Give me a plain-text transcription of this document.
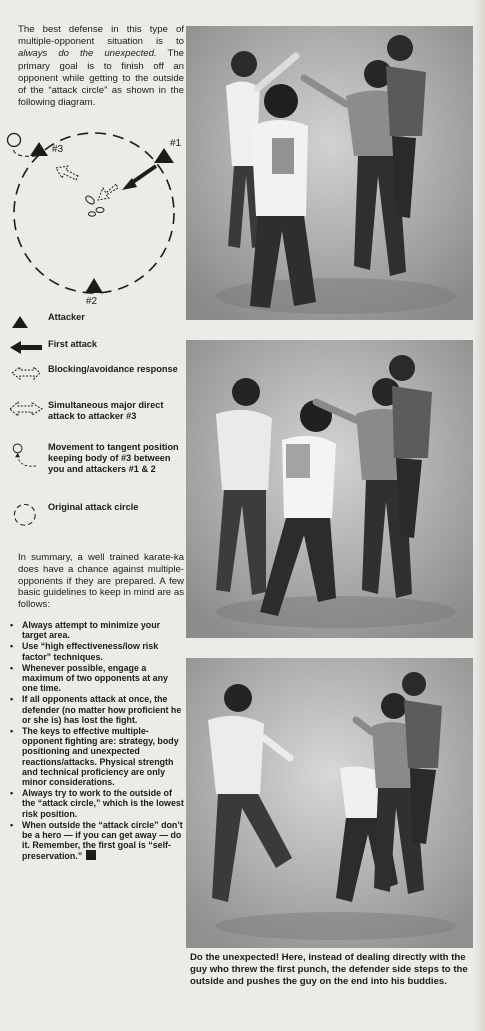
The best defense in this type of multiple-opponent situation is to always do the unexpected. The primary goal is to finish off an opponent while getting to the outside of the “attack circle” as shown in the following diagram.

#3
#1
#2
Attacker
First attack
Blocking/avoidance response
Simultaneous major direct attack to attacker #3
Movement to tangent position keeping body of #3 between you and attackers #1 & 2
Original attack circle

In summary, a well trained karate-ka does have a chance against multiple-opponents if they are prepared. A few basic guidelines to keep in mind are as follows:

• Always attempt to minimize your target area.
• Use “high effectiveness/low risk factor” techniques.
• Whenever possible, engage a maximum of two opponents at any one time.
• If all opponents attack at once, the defender (no matter how proficient he or she is) has lost the fight.
• The keys to effective multiple-opponent fighting are: strategy, body positioning and unexpected reactions/attacks. Physical strength and technical proficiency are only minor considerations.
• Always try to work to the outside of the “attack circle,” which is the lowest risk position.
• When outside the “attack circle” don’t be a hero — if you can get away — do it. Remember, the first goal is “self-preservation.”

Do the unexpected! Here, instead of dealing directly with the guy who threw the first punch, the defender side steps to the outside and pushes the guy on the end into his buddies.
